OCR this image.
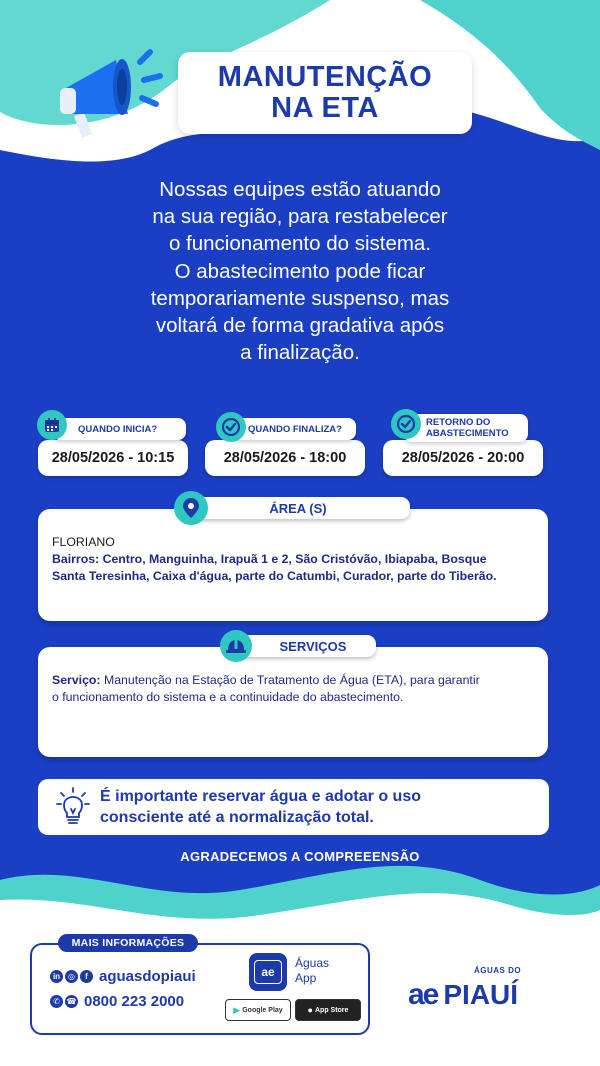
MANUTENÇÃO
NA ETA
Nossas equipes estão atuando
na sua região, para restabelecer
o funcionamento do sistema.
O abastecimento pode ficar
temporariamente suspenso, mas
voltará de forma gradativa após
a finalização.
28/05/2026 - 10:15
QUANDO INICIA?
28/05/2026 - 18:00
QUANDO FINALIZA?
28/05/2026 - 20:00
RETORNO DO
ABASTECIMENTO
ÁREA (S)
FLORIANO
Bairros: Centro, Manguinha, Irapuã 1 e 2, São Cristóvão, Ibiapaba, Bosque
Santa Teresinha, Caixa d'água, parte do Catumbi, Curador, parte do Tiberão.
SERVIÇOS
Serviço: Manutenção na Estação de Tratamento de Água (ETA), para garantir
o funcionamento do sistema e a continuidade do abastecimento.
É importante reservar água e adotar o uso
consciente até a normalização total.
AGRADECEMOS A COMPREEENSÃO
MAIS INFORMAÇÕES
in ◎	f aguasdopiaui
✆ ☎ 0800 223 2000
ae
Águas
App
▶ Google Play	● App Store
ÁGUAS DO
ae PIAUÍ
